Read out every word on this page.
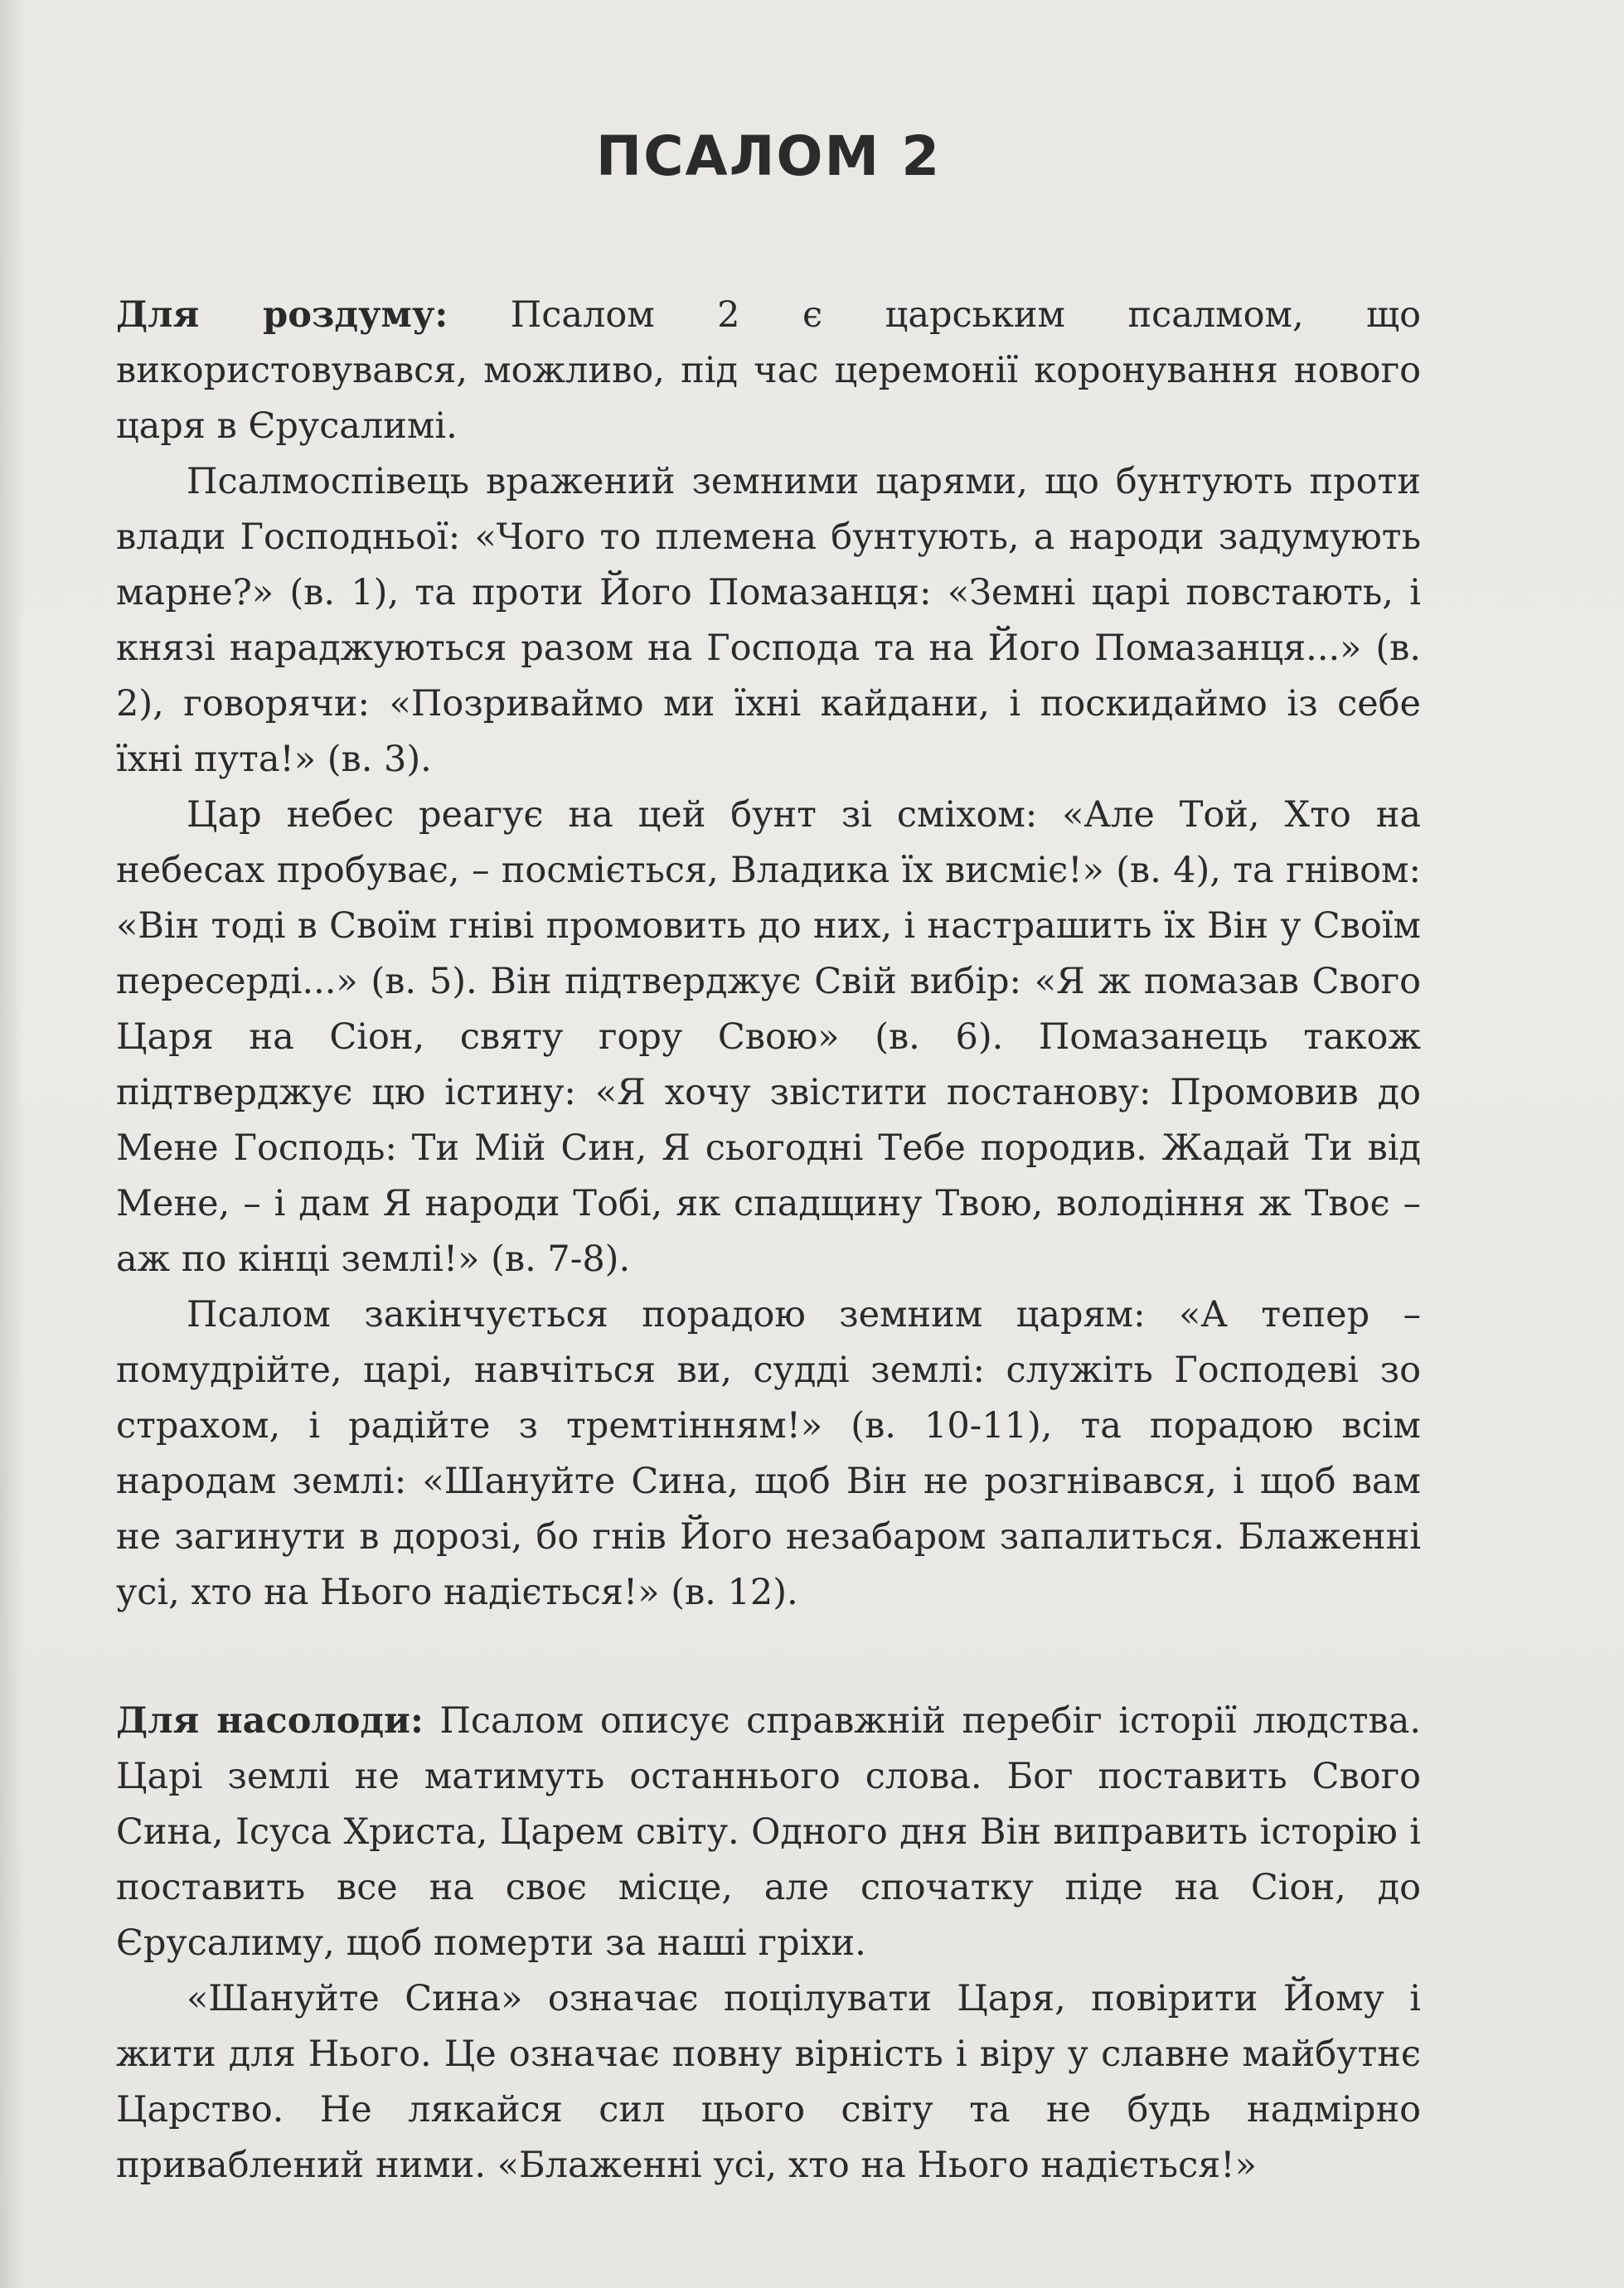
ПСАЛОМ 2

Для роздуму: Псалом 2 є царським псалмом, що використовувався, можливо, під час церемонії коронування нового царя в Єрусалимі.

Псалмоспівець вражений земними царями, що бунтують проти влади Господньої: «Чого то племена бунтують, а народи задумують марне?» (в. 1), та проти Його Помазанця: «Земні царі повстають, і князі нараджуються разом на Господа та на Його Помазанця...» (в. 2), говорячи: «Позриваймо ми їхні кайдани, і поскидаймо із себе їхні пута!» (в. 3).

Цар небес реагує на цей бунт зі сміхом: «Але Той, Хто на небесах пробуває, – посміється, Владика їх висміє!» (в. 4), та гнівом: «Він тоді в Своїм гніві промовить до них, і настрашить їх Він у Своїм пересерді...» (в. 5). Він підтверджує Свій вибір: «Я ж помазав Свого Царя на Сіон, святу гору Свою» (в. 6). Помазанець також підтверджує цю істину: «Я хочу звістити постанову: Промовив до Мене Господь: Ти Мій Син, Я сьогодні Тебе породив. Жадай Ти від Мене, – і дам Я народи Тобі, як спадщину Твою, володіння ж Твоє – аж по кінці землі!» (в. 7-8).

Псалом закінчується порадою земним царям: «А тепер – помудрійте, царі, навчіться ви, судді землі: служіть Господеві зо страхом, і радійте з тремтінням!» (в. 10-11), та порадою всім народам землі: «Шануйте Сина, щоб Він не розгнівався, і щоб вам не загинути в дорозі, бо гнів Його незабаром запалиться. Блаженні усі, хто на Нього надіється!» (в. 12).

Для насолоди: Псалом описує справжній перебіг історії людства. Царі землі не матимуть останнього слова. Бог поставить Свого Сина, Ісуса Христа, Царем світу. Одного дня Він виправить історію і поставить все на своє місце, але спочатку піде на Сіон, до Єрусалиму, щоб померти за наші гріхи.

«Шануйте Сина» означає поцілувати Царя, повірити Йому і жити для Нього. Це означає повну вірність і віру у славне майбутнє Царство. Не лякайся сил цього світу та не будь надмірно приваблений ними. «Блаженні усі, хто на Нього надіється!»
